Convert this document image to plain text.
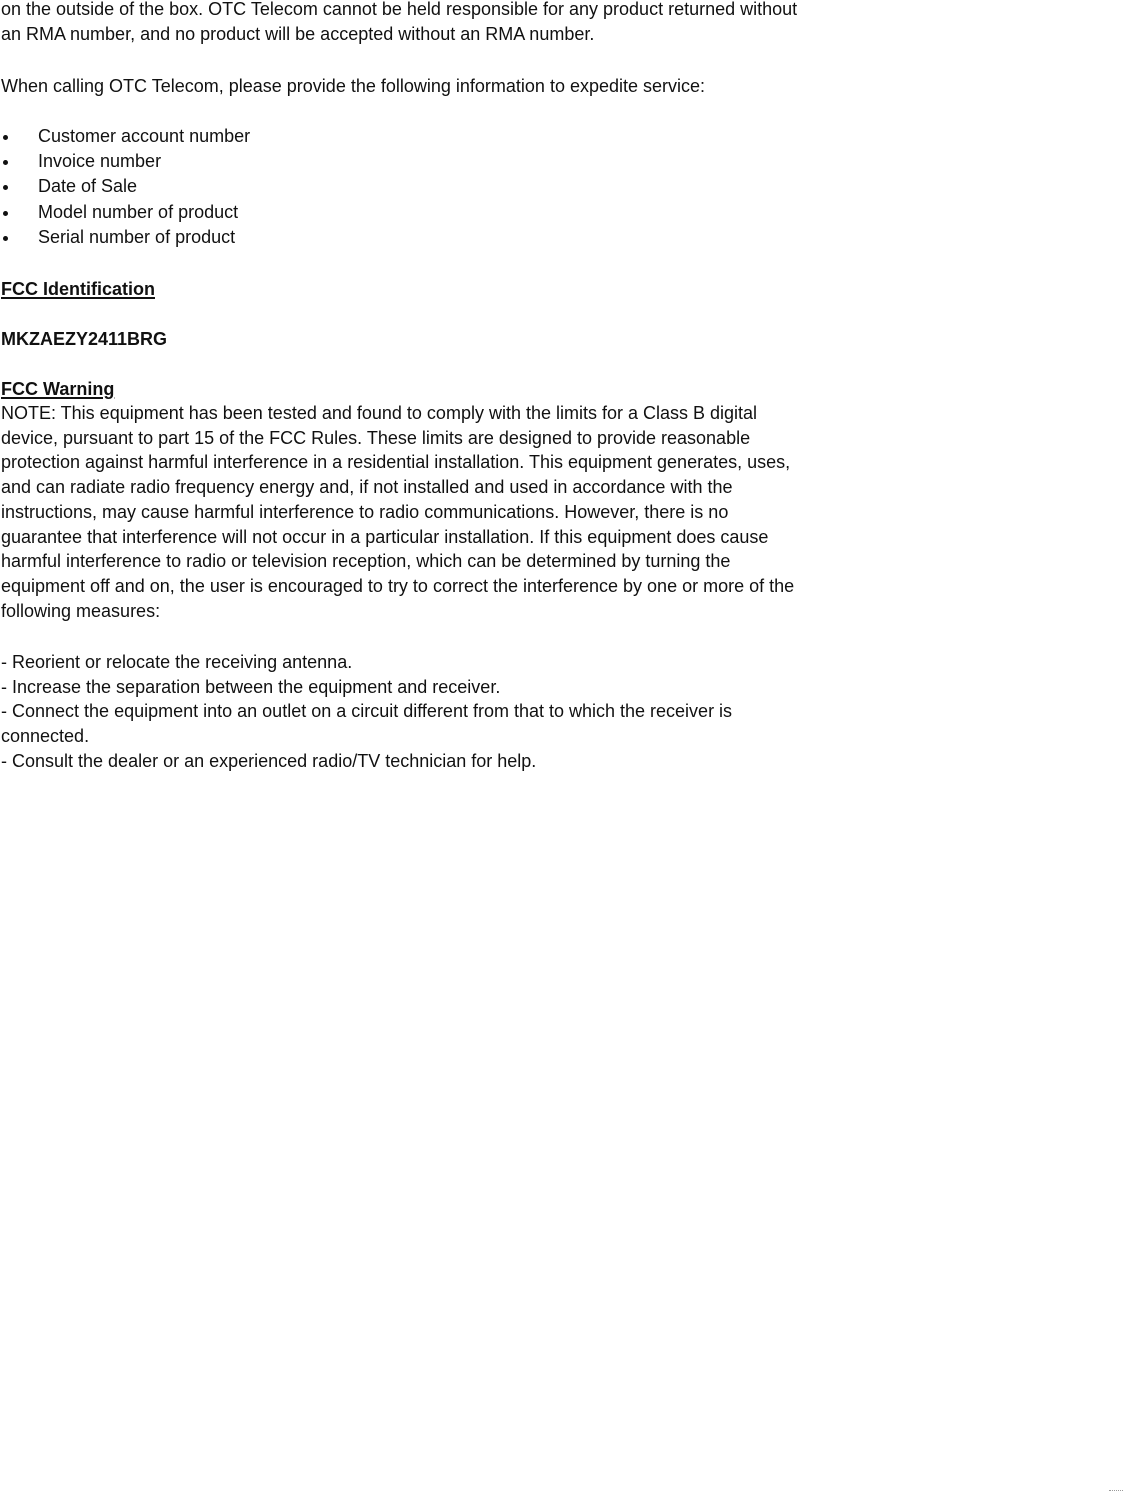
on the outside of the box. OTC Telecom cannot be held responsible for any product returned without
an RMA number, and no product will be accepted without an RMA number.

When calling OTC Telecom, please provide the following information to expedite service:

Customer account number
Invoice number
Date of Sale
Model number of product
Serial number of product
FCC Identification

MKZAEZY2411BRG

FCC Warning

NOTE: This equipment has been tested and found to comply with the limits for a Class B digital
device, pursuant to part 15 of the FCC Rules. These limits are designed to provide reasonable
protection against harmful interference in a residential installation. This equipment generates, uses,
and can radiate radio frequency energy and, if not installed and used in accordance with the
instructions, may cause harmful interference to radio communications. However, there is no
guarantee that interference will not occur in a particular installation. If this equipment does cause
harmful interference to radio or television reception, which can be determined by turning the
equipment off and on, the user is encouraged to try to correct the interference by one or more of the
following measures:

- Reorient or relocate the receiving antenna.
- Increase the separation between the equipment and receiver.
- Connect the equipment into an outlet on a circuit different from that to which the receiver is
connected.
- Consult the dealer or an experienced radio/TV technician for help.
